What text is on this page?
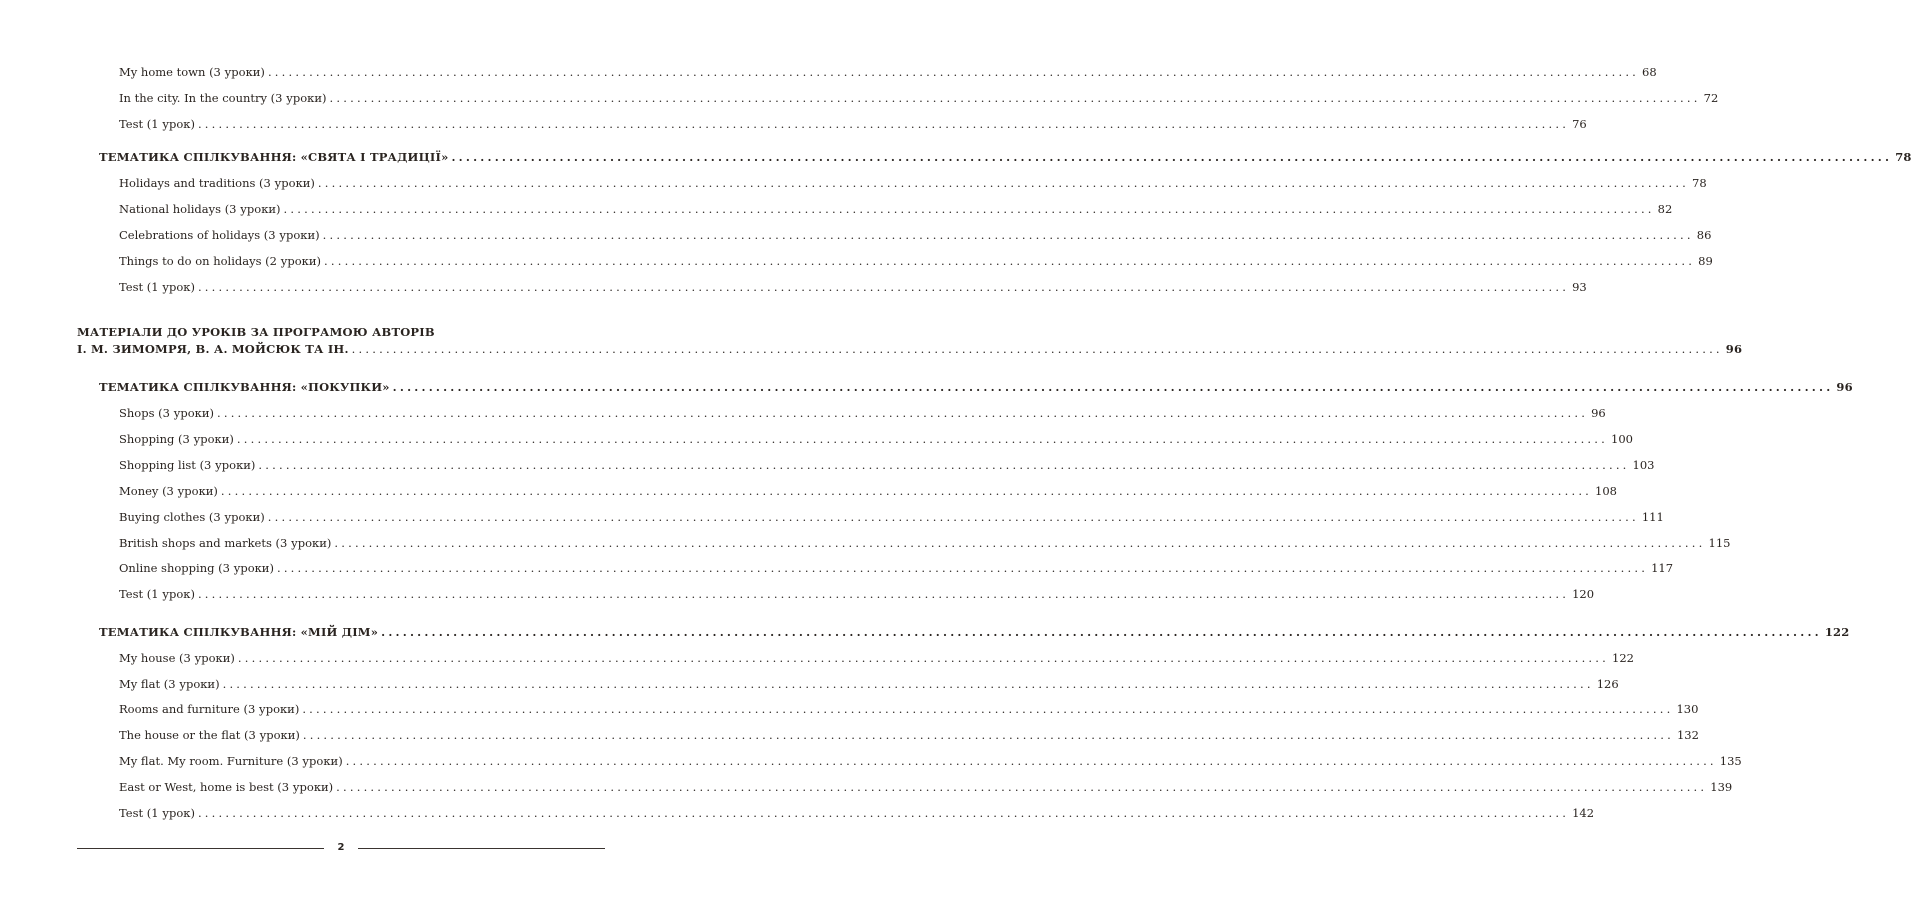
My home town (3 уроки) ........................................................................................................................................................................................................ 68
In the city. In the country (3 уроки) ........................................................................................................................................................................................................ 72
Test (1 урок) ........................................................................................................................................................................................................ 76
ТЕМАТИКА СПІЛКУВАННЯ: «СВЯТА І ТРАДИЦІЇ» ........................................................................................................................................................................................................ 78
Holidays and traditions (3 уроки) ........................................................................................................................................................................................................ 78
National holidays (3 уроки) ........................................................................................................................................................................................................ 82
Celebrations of holidays (3 уроки) ........................................................................................................................................................................................................ 86
Things to do on holidays (2 уроки) ........................................................................................................................................................................................................ 89
Test (1 урок) ........................................................................................................................................................................................................ 93
МАТЕРІАЛИ ДО УРОКІВ ЗА ПРОГРАМОЮ АВТОРІВ
І. М. ЗИМОМРЯ, В. А. МОЙСЮК ТА ІН. ........................................................................................................................................................................................................ 96
ТЕМАТИКА СПІЛКУВАННЯ: «ПОКУПКИ» ........................................................................................................................................................................................................ 96
Shops (3 уроки) ........................................................................................................................................................................................................ 96
Shopping (3 уроки) ........................................................................................................................................................................................................ 100
Shopping list (3 уроки) ........................................................................................................................................................................................................ 103
Money (3 уроки) ........................................................................................................................................................................................................ 108
Buying clothes (3 уроки) ........................................................................................................................................................................................................ 111
British shops and markets (3 уроки) ........................................................................................................................................................................................................ 115
Online shopping (3 уроки) ........................................................................................................................................................................................................ 117
Test (1 урок) ........................................................................................................................................................................................................ 120
ТЕМАТИКА СПІЛКУВАННЯ: «МІЙ ДІМ» ........................................................................................................................................................................................................ 122
My house (3 уроки) ........................................................................................................................................................................................................ 122
My flat (3 уроки) ........................................................................................................................................................................................................ 126
Rooms and furniture (3 уроки) ........................................................................................................................................................................................................ 130
The house or the flat (3 уроки) ........................................................................................................................................................................................................ 132
My flat. My room. Furniture (3 уроки) ........................................................................................................................................................................................................ 135
East or West, home is best (3 уроки) ........................................................................................................................................................................................................ 139
Test (1 урок) ........................................................................................................................................................................................................ 142
2
